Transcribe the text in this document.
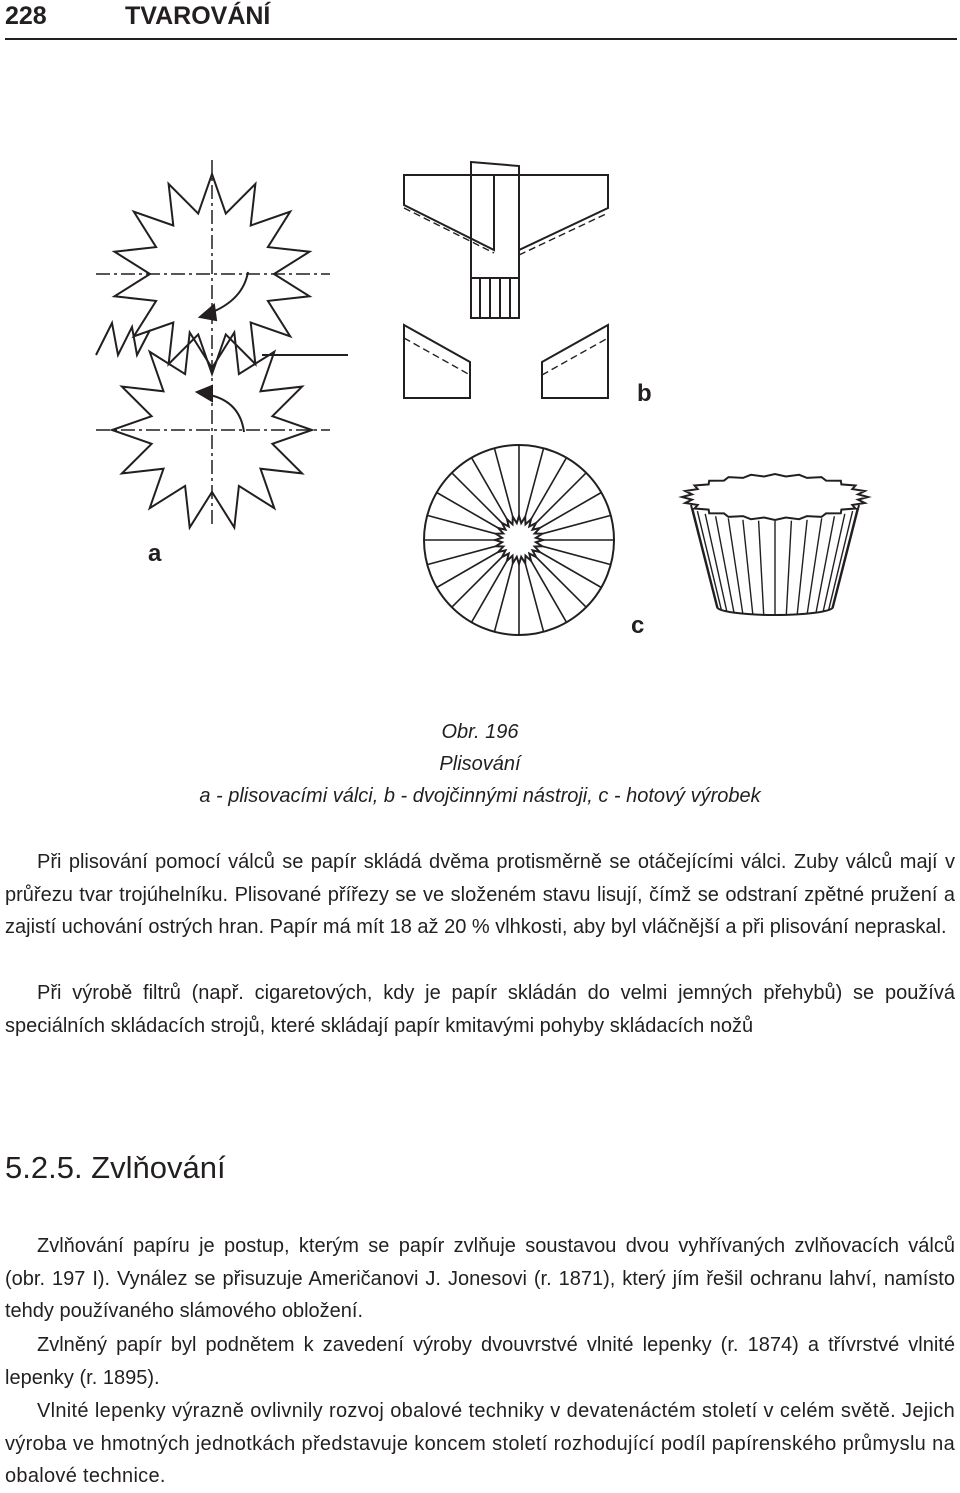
228	TVAROVÁNÍ
b
a
c
Obr. 196
Plisování
a - plisovacími válci, b - dvojčinnými nástroji, c - hotový výrobek

Při plisování pomocí válců se papír skládá dvěma protisměrně se otáčejícími válci. Zuby válců mají v průřezu tvar trojúhelníku. Plisované přířezy se ve složeném stavu lisují, čímž se odstraní zpětné pružení a zajistí uchování ostrých hran. Papír má mít 18 až 20 % vlhkosti, aby byl vláčnější a při plisování nepraskal.

Při výrobě filtrů (např. cigaretových, kdy je papír skládán do velmi jemných přehybů) se používá speciálních skládacích strojů, které skládají papír kmitavými pohyby skládacích nožů

5.2.5. Zvlňování

Zvlňování papíru je postup, kterým se papír zvlňuje soustavou dvou vyhřívaných zvlňovacích válců (obr. 197 I). Vynález se přisuzuje Američanovi J. Jonesovi (r. 1871), který jím řešil ochranu lahví, namísto tehdy používaného slámového obložení.

Zvlněný papír byl podnětem k zavedení výroby dvouvrstvé vlnité lepenky (r. 1874) a třívrstvé vlnité lepenky (r. 1895).

Vlnité lepenky výrazně ovlivnily rozvoj obalové techniky v devatenáctém století v celém světě. Jejich výroba ve hmotných jednotkách představuje koncem století rozhodující podíl papírenského průmyslu na obalové technice.
